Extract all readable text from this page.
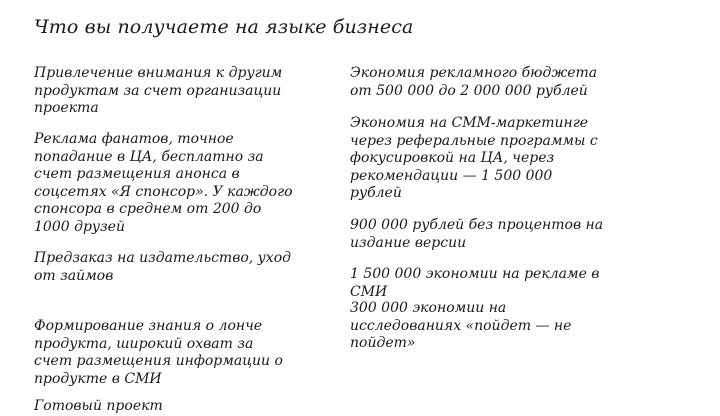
Что вы получаете на языке бизнеса

Привлечение внимания к другим
продуктам за счет организации
проекта

Реклама фанатов, точное
попадание в ЦА, бесплатно за
счет размещения анонса в
соцсетях «Я спонсор». У каждого
спонсора в среднем от 200 до
1000 друзей

Предзаказ на издательство, уход
от займов

Формирование знания о лонче
продукта, широкий охват за
счет размещения информации о
продукте в СМИ

Готовый проект

Экономия рекламного бюджета
от 500 000 до 2 000 000 рублей

Экономия на СММ-маркетинге
через реферальные программы с
фокусировкой на ЦА, через
рекомендации — 1 500 000
рублей

900 000 рублей без процентов на
издание версии

1 500 000 экономии на рекламе в
СМИ

300 000 экономии на
исследованиях «пойдет — не
пойдет»
